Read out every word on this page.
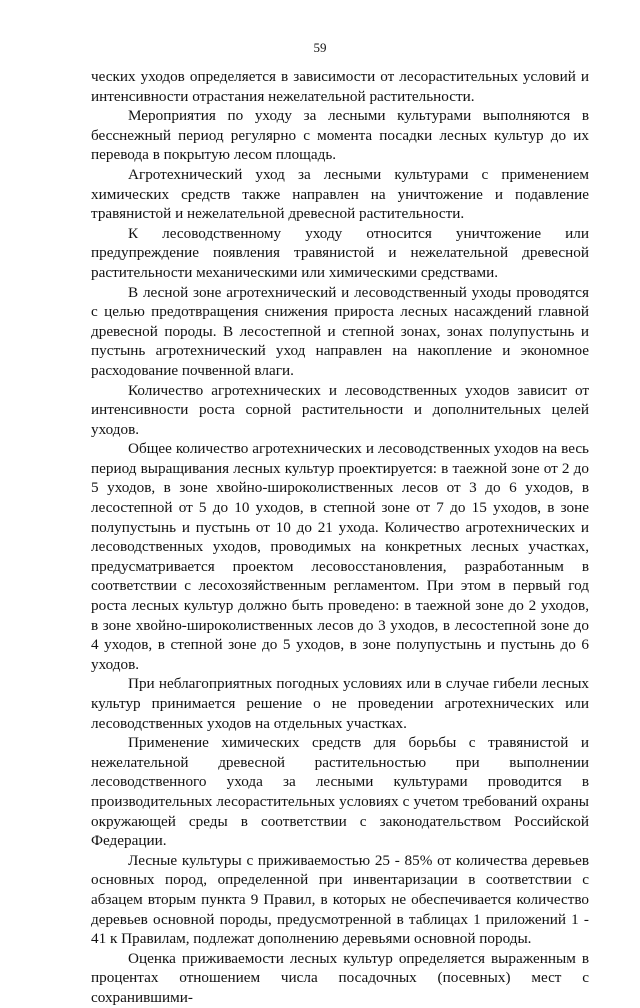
59

ческих уходов определяется в зависимости от лесорастительных условий и интенсивности отрастания нежелательной растительности.

Мероприятия по уходу за лесными культурами выполняются в бесснежный период регулярно с момента посадки лесных культур до их перевода в покрытую лесом площадь.

Агротехнический уход за лесными культурами с применением химических средств также направлен на уничтожение и подавление травянистой и нежелательной древесной растительности.

К лесоводственному уходу относится уничтожение или предупреждение появления травянистой и нежелательной древесной растительности механическими или химическими средствами.

В лесной зоне агротехнический и лесоводственный уходы проводятся с целью предотвращения снижения прироста лесных насаждений главной древесной породы. В лесостепной и степной зонах, зонах полупустынь и пустынь агротехнический уход направлен на накопление и экономное расходование почвенной влаги.

Количество агротехнических и лесоводственных уходов зависит от интенсивности роста сорной растительности и дополнительных целей уходов.

Общее количество агротехнических и лесоводственных уходов на весь период выращивания лесных культур проектируется: в таежной зоне от 2 до 5 уходов, в зоне хвойно-широколиственных лесов от 3 до 6 уходов, в лесостепной от 5 до 10 уходов, в степной зоне от 7 до 15 уходов, в зоне полупустынь и пустынь от 10 до 21 ухода. Количество агротехнических и лесоводственных уходов, проводимых на конкретных лесных участках, предусматривается проектом лесовосстановления, разработанным в соответствии с лесохозяйственным регламентом. При этом в первый год роста лесных культур должно быть проведено: в таежной зоне до 2 уходов, в зоне хвойно-широколиственных лесов до 3 уходов, в лесостепной зоне до 4 уходов, в степной зоне до 5 уходов, в зоне полупустынь и пустынь до 6 уходов.

При неблагоприятных погодных условиях или в случае гибели лесных культур принимается решение о не проведении агротехнических или лесоводственных уходов на отдельных участках.

Применение химических средств для борьбы с травянистой и нежелательной древесной растительностью при выполнении лесоводственного ухода за лесными культурами проводится в производительных лесорастительных условиях с учетом требований охраны окружающей среды в соответствии с законодательством Российской Федерации.

Лесные культуры с приживаемостью 25 - 85% от количества деревьев основных пород, определенной при инвентаризации в соответствии с абзацем вторым пункта 9 Правил, в которых не обеспечивается количество деревьев основной породы, предусмотренной в таблицах 1 приложений 1 - 41 к Правилам, подлежат дополнению деревьями основной породы.

Оценка приживаемости лесных культур определяется выраженным в процентах отношением числа посадочных (посевных) мест с сохранившими-
